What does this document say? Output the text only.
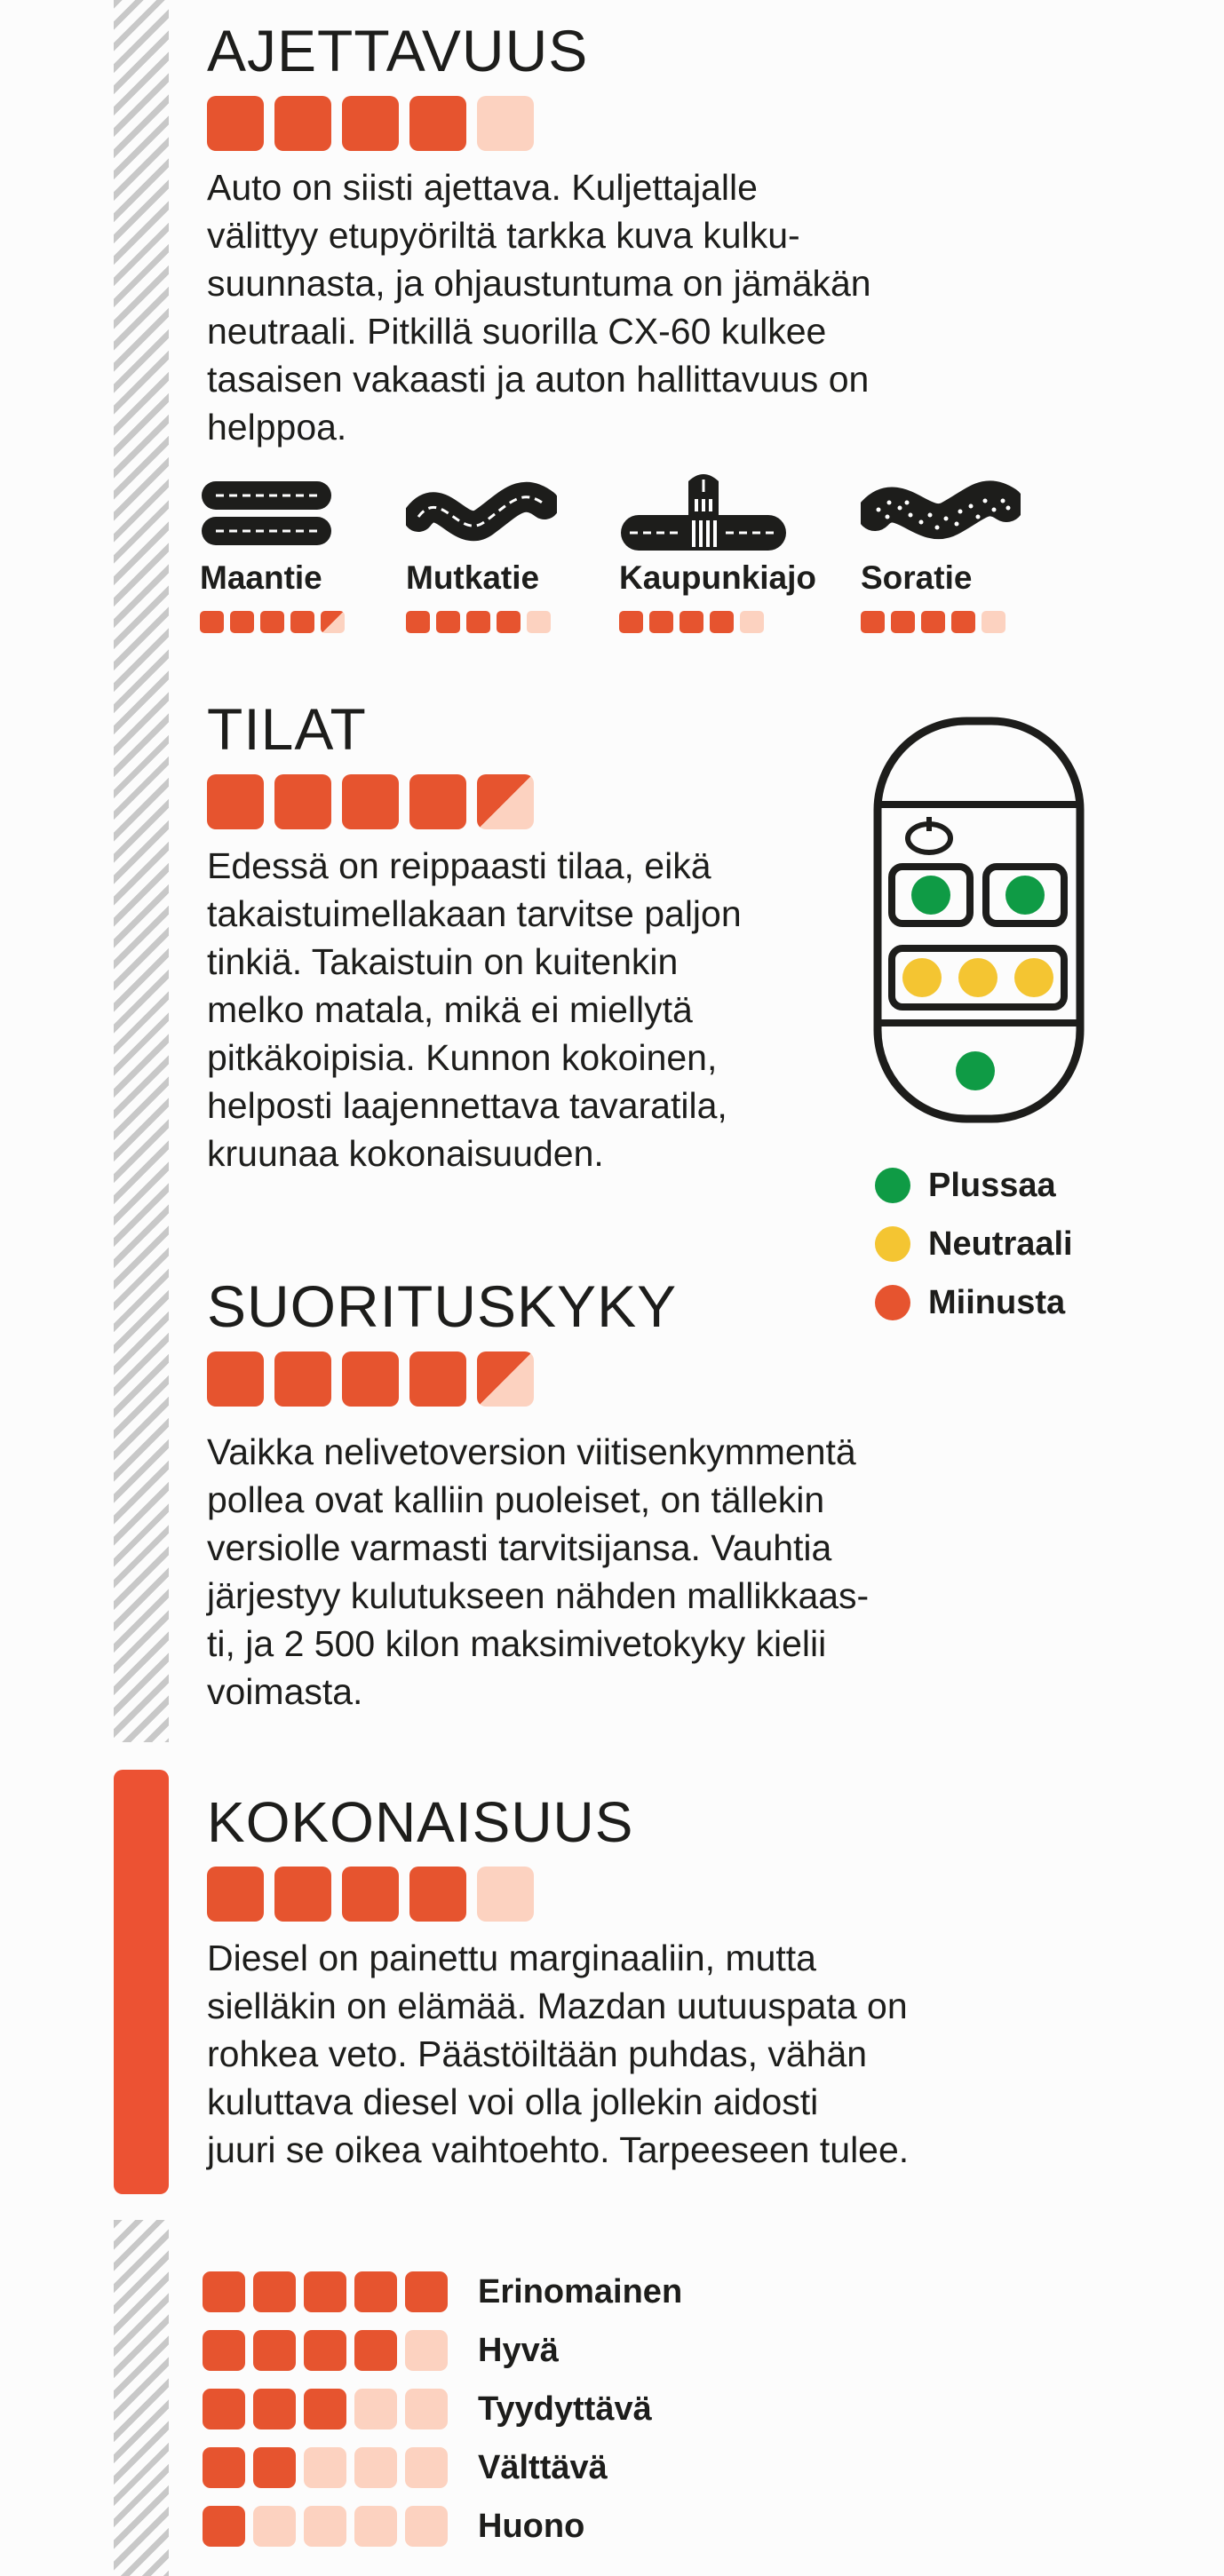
AJETTAVUUS
Auto on siisti ajettava. Kuljettajalle
välittyy etupyöriltä tarkka kuva kulku-
suunnasta, ja ohjaustuntuma on jämäkän
neutraali. Pitkillä suorilla CX-60 kulkee
tasaisen vakaasti ja auton hallittavuus on
helppoa.
Maantie	Mutkatie	Kaupunkiajo Soratie
TILAT
Edessä on reippaasti tilaa, eikä
takaistuimellakaan tarvitse paljon
tinkiä. Takaistuin on kuitenkin
melko matala, mikä ei miellytä
pitkäkoipisia. Kunnon kokoinen,
helposti laajennettava tavaratila,
kruunaa kokonaisuuden.
Plussaa
Neutraali
Miinusta
SUORITUSKYKY
Vaikka nelivetoversion viitisenkymmentä
pollea ovat kalliin puoleiset, on tällekin
versiolle varmasti tarvitsijansa. Vauhtia
järjestyy kulutukseen nähden mallikkaas-
ti, ja 2 500 kilon maksimivetokyky kielii
voimasta.
KOKONAISUUS
Diesel on painettu marginaaliin, mutta
sielläkin on elämää. Mazdan uutuuspata on
rohkea veto. Päästöiltään puhdas, vähän
kuluttava diesel voi olla jollekin aidosti
juuri se oikea vaihtoehto. Tarpeeseen tulee.
Erinomainen
Hyvä
Tyydyttävä
Välttävä
Huono
